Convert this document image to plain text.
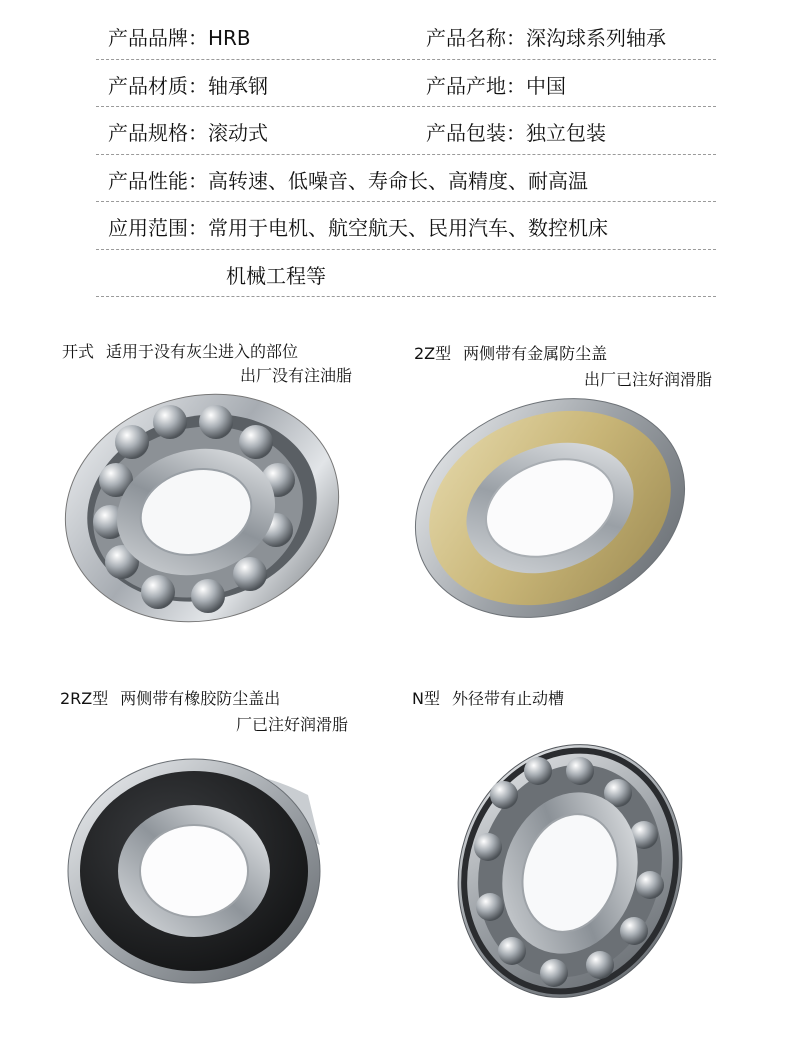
产品品牌：HRB	产品名称：深沟球系列轴承
产品材质：轴承钢	产品产地：中国
产品规格：滚动式	产品包装：独立包装
产品性能：高转速、低噪音、寿命长、高精度、耐高温
应用范围：常用于电机、航空航天、民用汽车、数控机床
机械工程等
开式 适用于没有灰尘进入的部位
出厂没有注油脂
2Z型 两侧带有金属防尘盖
出厂已注好润滑脂
2RZ型 两侧带有橡胶防尘盖出
厂已注好润滑脂
N型 外径带有止动槽
